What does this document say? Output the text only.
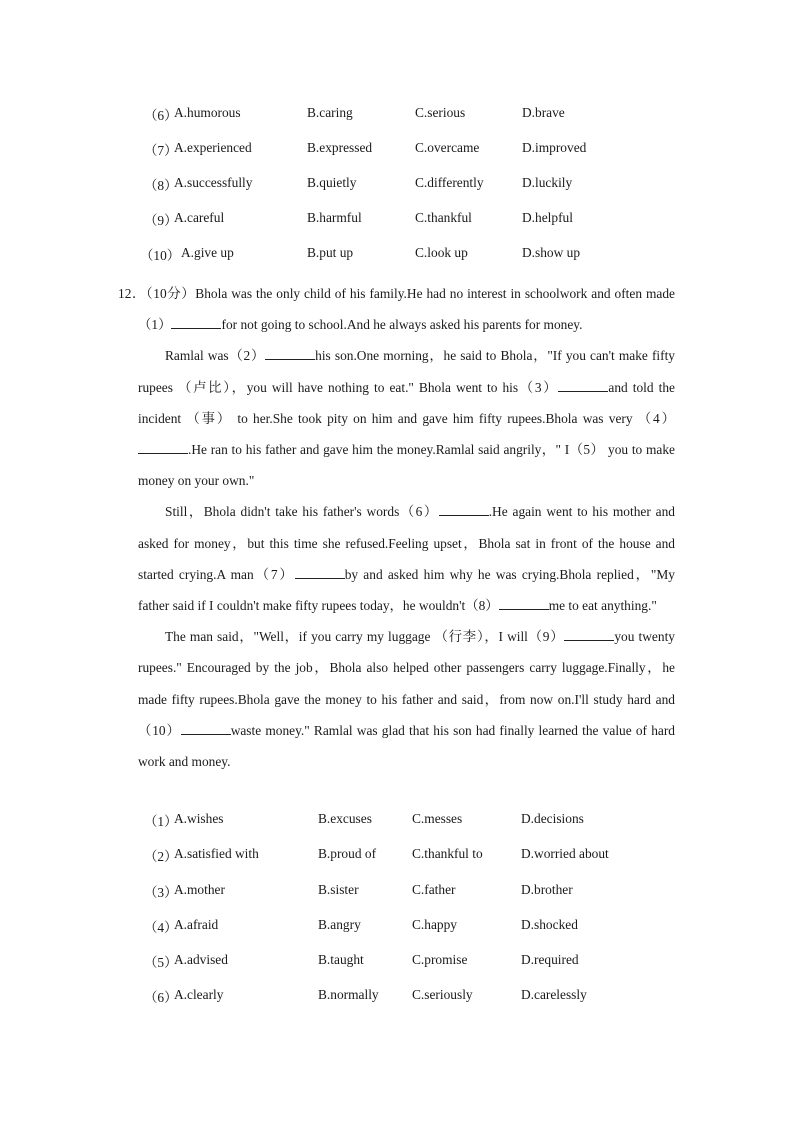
（6）
A.humorous	B.caring	C.serious	D.brave
（7）
A.experienced	B.expressed	C.overcame	D.improved
（8）
A.successfully	B.quietly	C.differently	D.luckily
（9）
A.careful	B.harmful	C.thankful	D.helpful
（10） A.give up	B.put up	C.look up	D.show up

12．（10分）Bhola was the only child of his family.He had no interest in schoolwork and often made（1）	for not going to school.And he always asked his parents for money.

Ramlal was（2）	his son.One morning，he said to Bhola，"If you can't make fifty rupees （卢比），you will have nothing to eat." Bhola went to his（3）	and told the incident （事） to her.She took pity on him and gave him fifty rupees.Bhola was very （4）.He ran to his father and gave him the money.Ramlal said angrily，" I（5） you to make money on your own."

Still，Bhola didn't take his father's words（6）	.He again went to his mother and asked for money，but this time she refused.Feeling upset，Bhola sat in front of the house and started crying.A man（7）	by and asked him why he was crying.Bhola replied，"My father said if I couldn't make fifty rupees today，he wouldn't（8）	me to eat anything."

The man said，"Well，if you carry my luggage （行李），I will（9）	you twenty rupees." Encouraged by the job，Bhola also helped other passengers carry luggage.Finally，he made fifty rupees.Bhola gave the money to his father and said，from now on.I'll study hard and（10）	waste money." Ramlal was glad that his son had finally learned the value of hard work and money.

（1）
A.wishes	B.excuses	C.messes	D.decisions
（2）
A.satisfied with	B.proud of	C.thankful to	D.worried about
（3）
A.mother	B.sister	C.father	D.brother
（4）
A.afraid	B.angry	C.happy	D.shocked
（5）
A.advised	B.taught	C.promise	D.required
（6）
A.clearly	B.normally C.seriously	D.carelessly
